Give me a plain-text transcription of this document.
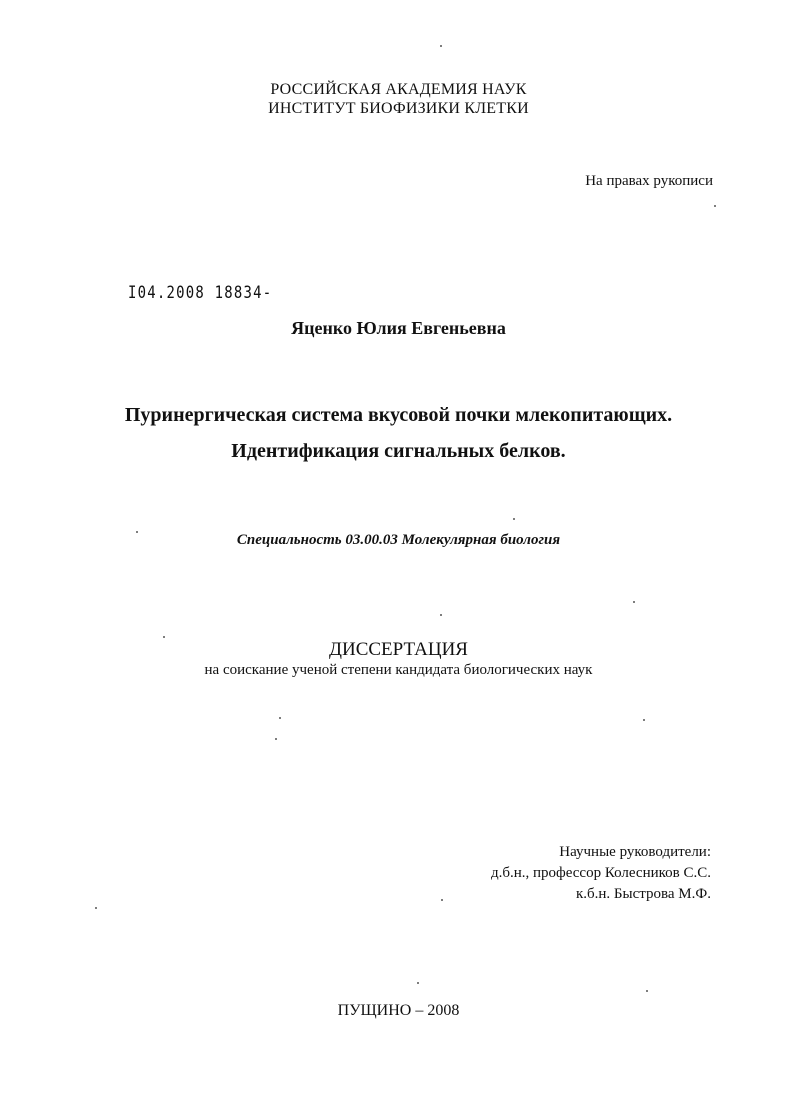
РОССИЙСКАЯ АКАДЕМИЯ НАУК
ИНСТИТУТ БИОФИЗИКИ КЛЕТКИ
На правах рукописи
I04.2008 18834-
Яценко Юлия Евгеньевна
Пуринергическая система вкусовой почки млекопитающих.
Идентификация сигнальных белков.
Специальность 03.00.03 Молекулярная биология
ДИССЕРТАЦИЯ
на соискание ученой степени кандидата биологических наук
Научные руководители:
д.б.н., профессор Колесников С.С.
к.б.н. Быстрова М.Ф.
ПУЩИНО – 2008
